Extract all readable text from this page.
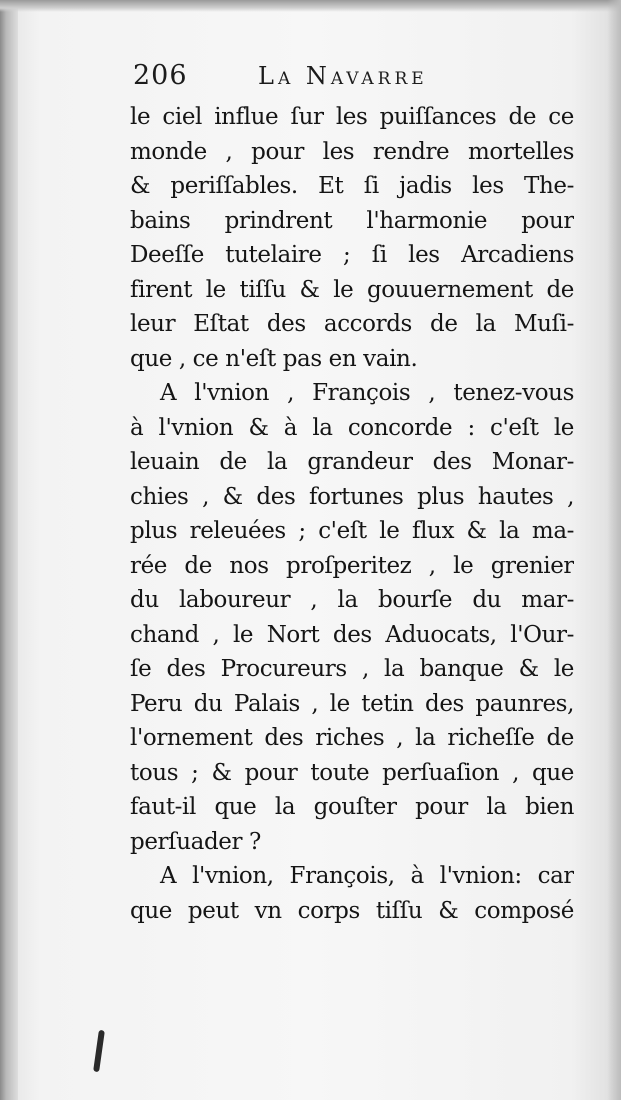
206	La Navarre

le ciel influe ſur les puiſſances de ce
monde , pour les rendre mortelles
& periſſables. Et ſi jadis les The-
bains prindrent l'harmonie pour
Deeſſe tutelaire ; ſi les Arcadiens
firent le tiſſu & le gouuernement de
leur Eſtat des accords de la Muſi-
que , ce n'eſt pas en vain.

A l'vnion , François , tenez-vous
à l'vnion & à la concorde : c'eſt le
leuain de la grandeur des Monar-
chies , & des fortunes plus hautes ,
plus releuées ; c'eſt le flux & la ma-
rée de nos proſperitez , le grenier
du laboureur , la bourſe du mar-
chand , le Nort des Aduocats, l'Our-
ſe des Procureurs , la banque & le
Peru du Palais , le tetin des paunres,
l'ornement des riches , la richeſſe de
tous ; & pour toute perſuaſion , que
faut-il que la gouſter pour la bien
perſuader ?

A l'vnion, François, à l'vnion: car
que peut vn corps tiſſu & composé
